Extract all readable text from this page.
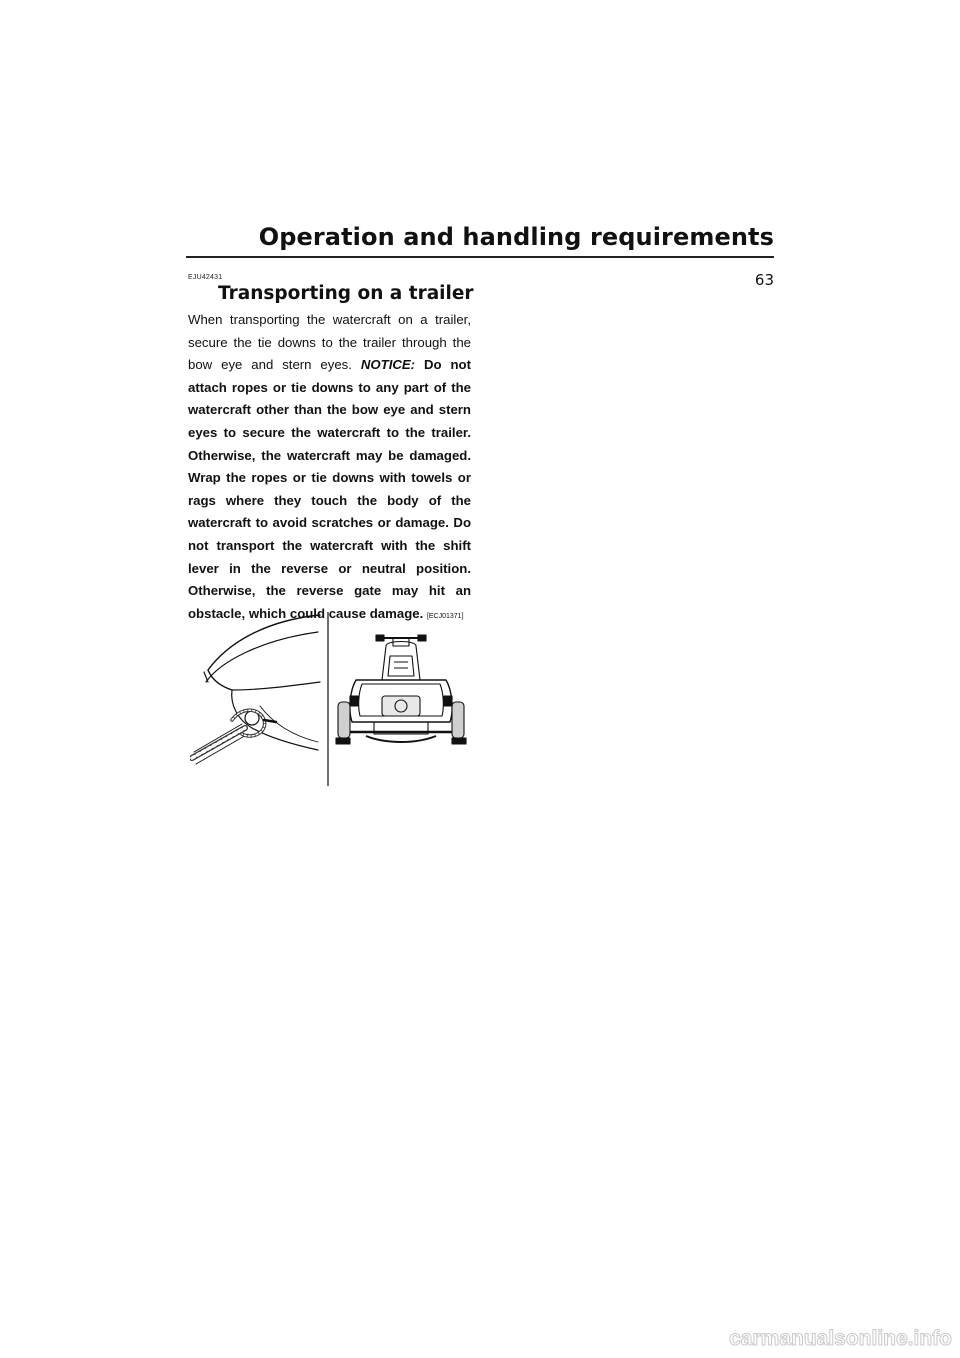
Operation and handling requirements
63
EJU42431
Transporting on a trailer

When transporting the watercraft on a trailer, secure the tie downs to the trailer through the bow eye and stern eyes. NOTICE: Do not attach ropes or tie downs to any part of the watercraft other than the bow eye and stern eyes to secure the watercraft to the trailer. Otherwise, the watercraft may be damaged. Wrap the ropes or tie downs with towels or rags where they touch the body of the watercraft to avoid scratches or damage. Do not transport the watercraft with the shift lever in the reverse or neutral position. Otherwise, the reverse gate may hit an obstacle, which could cause damage. [ECJ01371]

carmanualsonline.info
